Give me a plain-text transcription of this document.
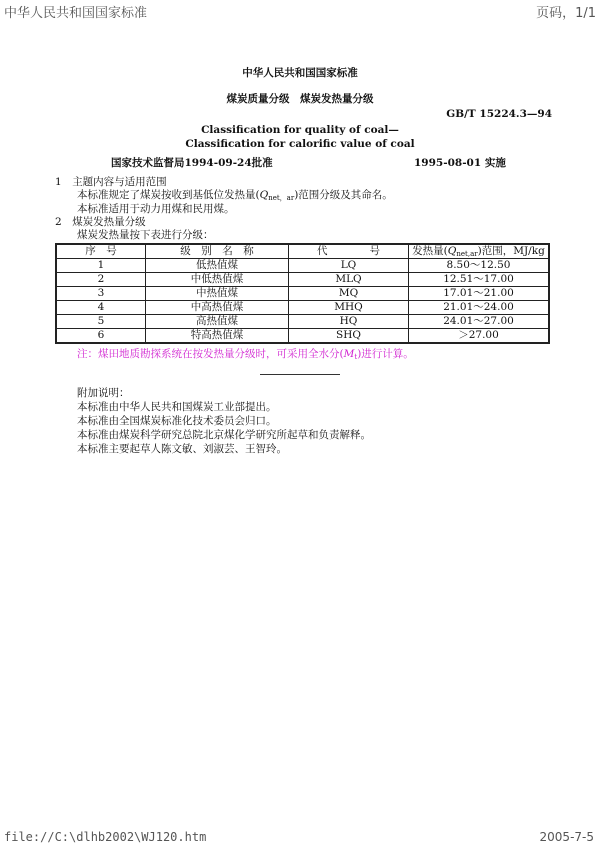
中华人民共和国国家标准	页码，1/1
中华人民共和国国家标准
煤炭质量分级　煤炭发热量分级
GB/T 15224.3—94
Classification for quality of coal—
Classification for calorific value of coal
国家技术监督局1994-09-24批准	1995-08-01 实施
1　 主题内容与适用范围
本标准规定了煤炭按收到基低位发热量$(Q_{net,ar})$范围分级及其命名。
本标准适用于动力用煤和民用煤。
2　 煤炭发热量分级
煤炭发热量按下表进行分级：
序　号	级　别　名　称	代　　　　号	发热量$(Q_{net,ar})$范围，MJ/kg
1	低热值煤	LQ	8.50～12.50
2	中低热值煤	MLQ	12.51～17.00
3	中热值煤	MQ	17.01～21.00
4	中高热值煤	MHQ	21.01～24.00
5	高热值煤	HQ	24.01～27.00
6	特高热值煤	SHQ	＞27.00
注：煤田地质勘探系统在按发热量分级时，可采用全水分$(M_t)$进行计算。
附加说明：
本标准由中华人民共和国煤炭工业部提出。
本标准由全国煤炭标准化技术委员会归口。
本标准由煤炭科学研究总院北京煤化学研究所起草和负责解释。
本标准主要起草人陈文敏、刘淑芸、王智玲。
file://C:\dlhb2002\WJ120.htm	2005-7-5
